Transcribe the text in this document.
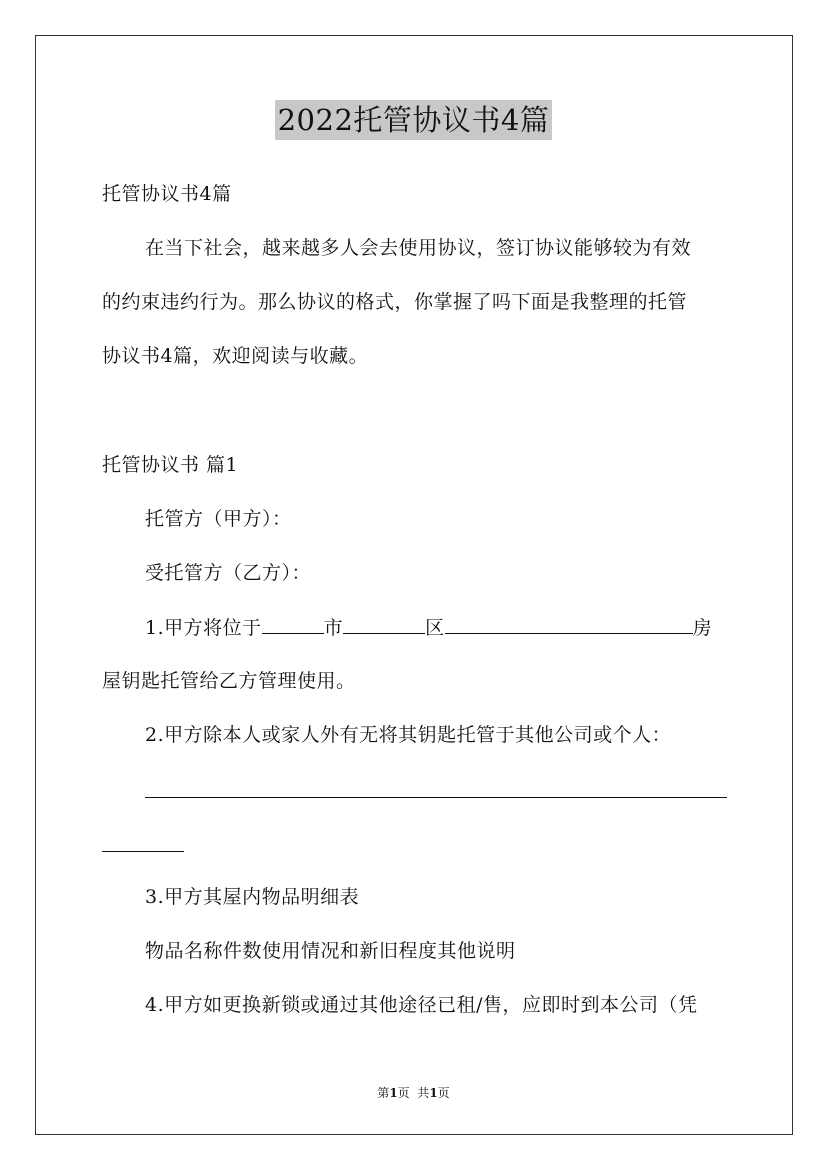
2022托管协议书4篇
托管协议书4篇
在当下社会，越来越多人会去使用协议，签订协议能够较为有效
的约束违约行为。那么协议的格式，你掌握了吗下面是我整理的托管
协议书4篇，欢迎阅读与收藏。
托管协议书 篇1
托管方（甲方）：
受托管方（乙方）：
1.甲方将位于	市	区	房
屋钥匙托管给乙方管理使用。
2.甲方除本人或家人外有无将其钥匙托管于其他公司或个人：
3.甲方其屋内物品明细表
物品名称件数使用情况和新旧程度其他说明
4.甲方如更换新锁或通过其他途径已租/售，应即时到本公司（凭
第1页  共1页
